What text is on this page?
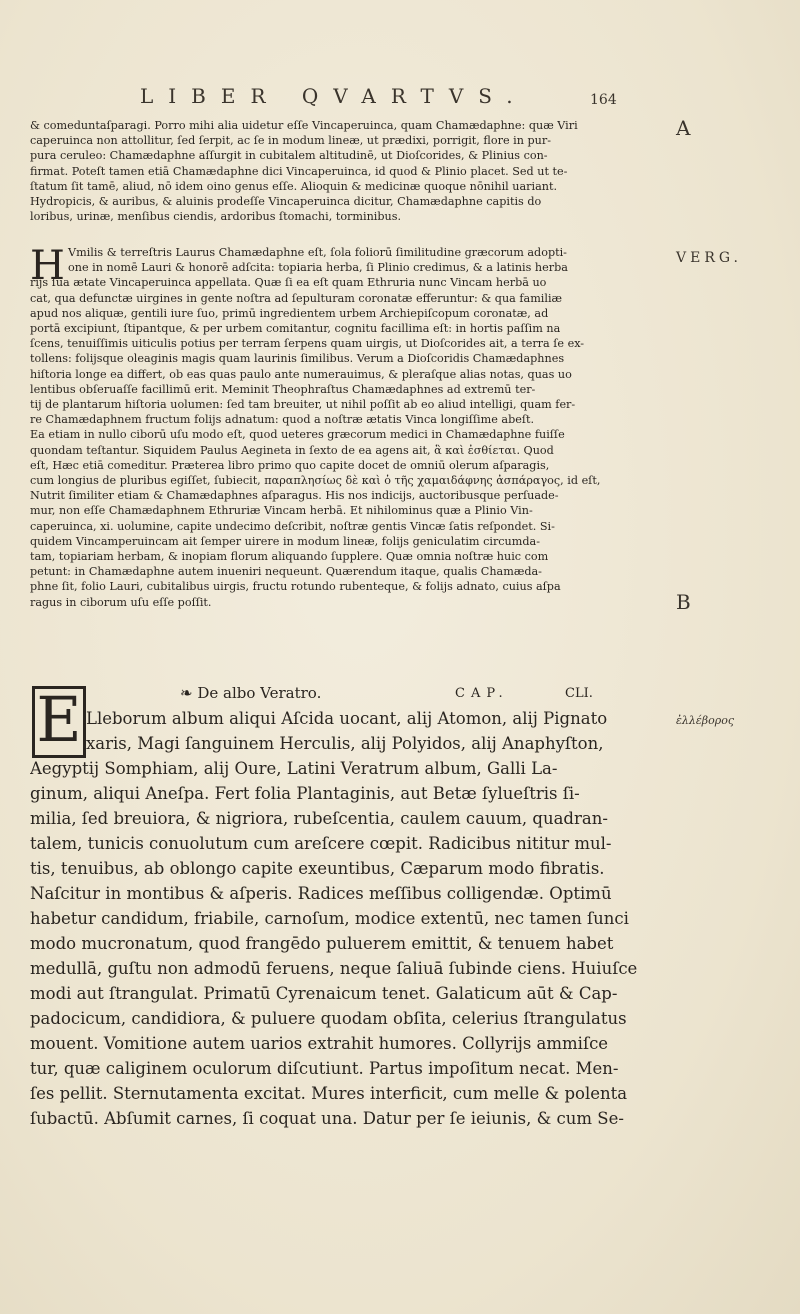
LIBER QVARTVS.	164
A
VERG.
B
ἐλλέβορος
& comeduntaſparagi. Porro mihi alia uidetur eſſe Vincaperuinca, quam Chamædaphne: quæ Viri
caperuinca non attollitur, ſed ſerpit, ac ſe in modum lineæ, ut prædixi, porrigit, flore in pur-
pura ceruleo: Chamædaphne aſſurgit in cubitalem altitudinē, ut Dioſcorides, & Plinius con-
firmat. Poteſt tamen etiā Chamædaphne dici Vincaperuinca, id quod & Plinio placet. Sed ut te-
ſtatum ſit tamē, aliud, nō idem oino genus eſſe. Alioquin & medicinæ quoque nōnihil uariant.
Hydropicis, & auribus, & aluinis prodeſſe Vincaperuinca dicitur, Chamædaphne capitis do
loribus, urinæ, menſibus ciendis, ardoribus ſtomachi, torminibus.
H Vmilis & terreſtris Laurus Chamædaphne eſt, ſola foliorū ſimilitudine græcorum adopti-
one in nomē Lauri & honorē adſcita: topiaria herba, ſi Plinio credimus, & a latinis herba
rijs ſua ætate Vincaperuinca appellata. Quæ ſi ea eſt quam Ethruria nunc Vincam herbā uo
cat, qua defunctæ uirgines in gente noſtra ad ſepulturam coronatæ efferuntur: & qua familiæ
apud nos aliquæ, gentili iure ſuo, primū ingredientem urbem Archiepiſcopum coronatæ, ad
portā excipiunt, ſtipantque, & per urbem comitantur, cognitu facillima eſt: in hortis paſſim na
ſcens, tenuiſſimis uiticulis potius per terram ſerpens quam uirgis, ut Dioſcorides ait, a terra ſe ex-
tollens: folijsque oleaginis magis quam laurinis ſimilibus. Verum a Dioſcoridis Chamædaphnes
hiſtoria longe ea differt, ob eas quas paulo ante numerauimus, & pleraſque alias notas, quas uo
lentibus obſeruaſſe facillimū erit. Meminit Theophraſtus Chamædaphnes ad extremū ter-
tij de plantarum hiſtoria uolumen: ſed tam breuiter, ut nihil poſſit ab eo aliud intelligi, quam fer-
re Chamædaphnem fructum folijs adnatum: quod a noſtræ ætatis Vinca longiſſime abeſt.
Ea etiam in nullo ciborū uſu modo eſt, quod ueteres græcorum medici in Chamædaphne fuiſſe
quondam teſtantur. Siquidem Paulus Aegineta in ſexto de ea agens ait, ἃ καὶ ἐσθίεται. Quod
eſt, Hæc etiā comeditur. Præterea libro primo quo capite docet de omniū olerum aſparagis,
cum longius de pluribus egiſſet, ſubiecit, παραπλησίως δὲ καὶ ὁ τῆς χαμαιδάφνης ἀσπάραγος, id eſt,
Nutrit ſimiliter etiam & Chamædaphnes aſparagus. His nos indicijs, auctoribusque perſuade-
mur, non eſſe Chamædaphnem Ethruriæ Vincam herbā. Et nihilominus quæ a Plinio Vin-
caperuinca, xi. uolumine, capite undecimo deſcribit, noſtræ gentis Vincæ ſatis reſpondet. Si-
quidem Vincamperuincam ait ſemper uirere in modum lineæ, folijs geniculatim circumda-
tam, topiariam herbam, & inopiam florum aliquando ſupplere. Quæ omnia noſtræ huic com
petunt: in Chamædaphne autem inueniri nequeunt. Quærendum itaque, qualis Chamæda-
phne ſit, folio Lauri, cubitalibus uirgis, fructu rotundo rubenteque, & folijs adnato, cuius aſpa
ragus in ciborum uſu eſſe poſſit.
❧ De albo Veratro.	CAP.	CLI.
E Lleborum album aliqui Aſcida uocant, alij Atomon, alij Pignato
xaris, Magi ſanguinem Herculis, alij Polyidos, alij Anaphyſton,
Aegyptij Somphiam, alij Oure, Latini Veratrum album, Galli La-
ginum, aliqui Aneſpa. Fert folia Plantaginis, aut Betæ ſylueſtris ſi-
milia, ſed breuiora, & nigriora, rubeſcentia, caulem cauum, quadran-
talem, tunicis conuolutum cum areſcere cœpit. Radicibus nititur mul-
tis, tenuibus, ab oblongo capite exeuntibus, Cæparum modo fibratis.
Naſcitur in montibus & aſperis. Radices meſſibus colligendæ. Optimū
habetur candidum, friabile, carnoſum, modice extentū, nec tamen ſunci
modo mucronatum, quod frangēdo puluerem emittit, & tenuem habet
medullā, guſtu non admodū feruens, neque ſaliuā ſubinde ciens. Huiuſce
modi aut ſtrangulat. Primatū Cyrenaicum tenet. Galaticum aūt & Cap-
padocicum, candidiora, & puluere quodam obſita, celerius ſtrangulatus
mouent. Vomitione autem uarios extrahit humores. Collyrijs ammiſce
tur, quæ caliginem oculorum diſcutiunt. Partus impoſitum necat. Men-
ſes pellit. Sternutamenta excitat. Mures interficit, cum melle & polenta
ſubactū. Abſumit carnes, ſi coquat una. Datur per ſe ieiunis, & cum Se-
